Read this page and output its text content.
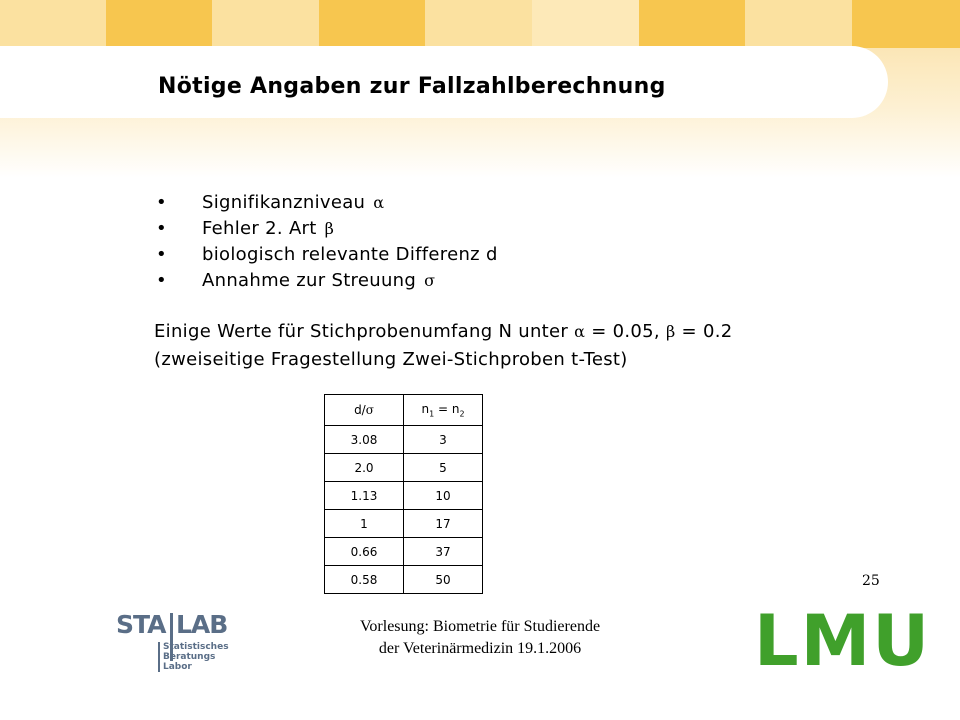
Nötige Angaben zur Fallzahlberechnung
• Signifikanzniveau α
• Fehler 2. Art β
• biologisch relevante Differenz d
• Annahme zur Streuung σ
Einige Werte für Stichprobenumfang N unter α = 0.05, β = 0.2
(zweiseitige Fragestellung Zwei-Stichproben t-Test)
d/σ	$n_1 = n_2$
3.08	3
2.0	5
1.13	10
1	17
0.66	37
0.58	50	25
Vorlesung: Biometrie für Studierende
der Veterinärmedizin 19.1.2006
STA LAB
Statistisches
Beratungs
Labor	LMU
